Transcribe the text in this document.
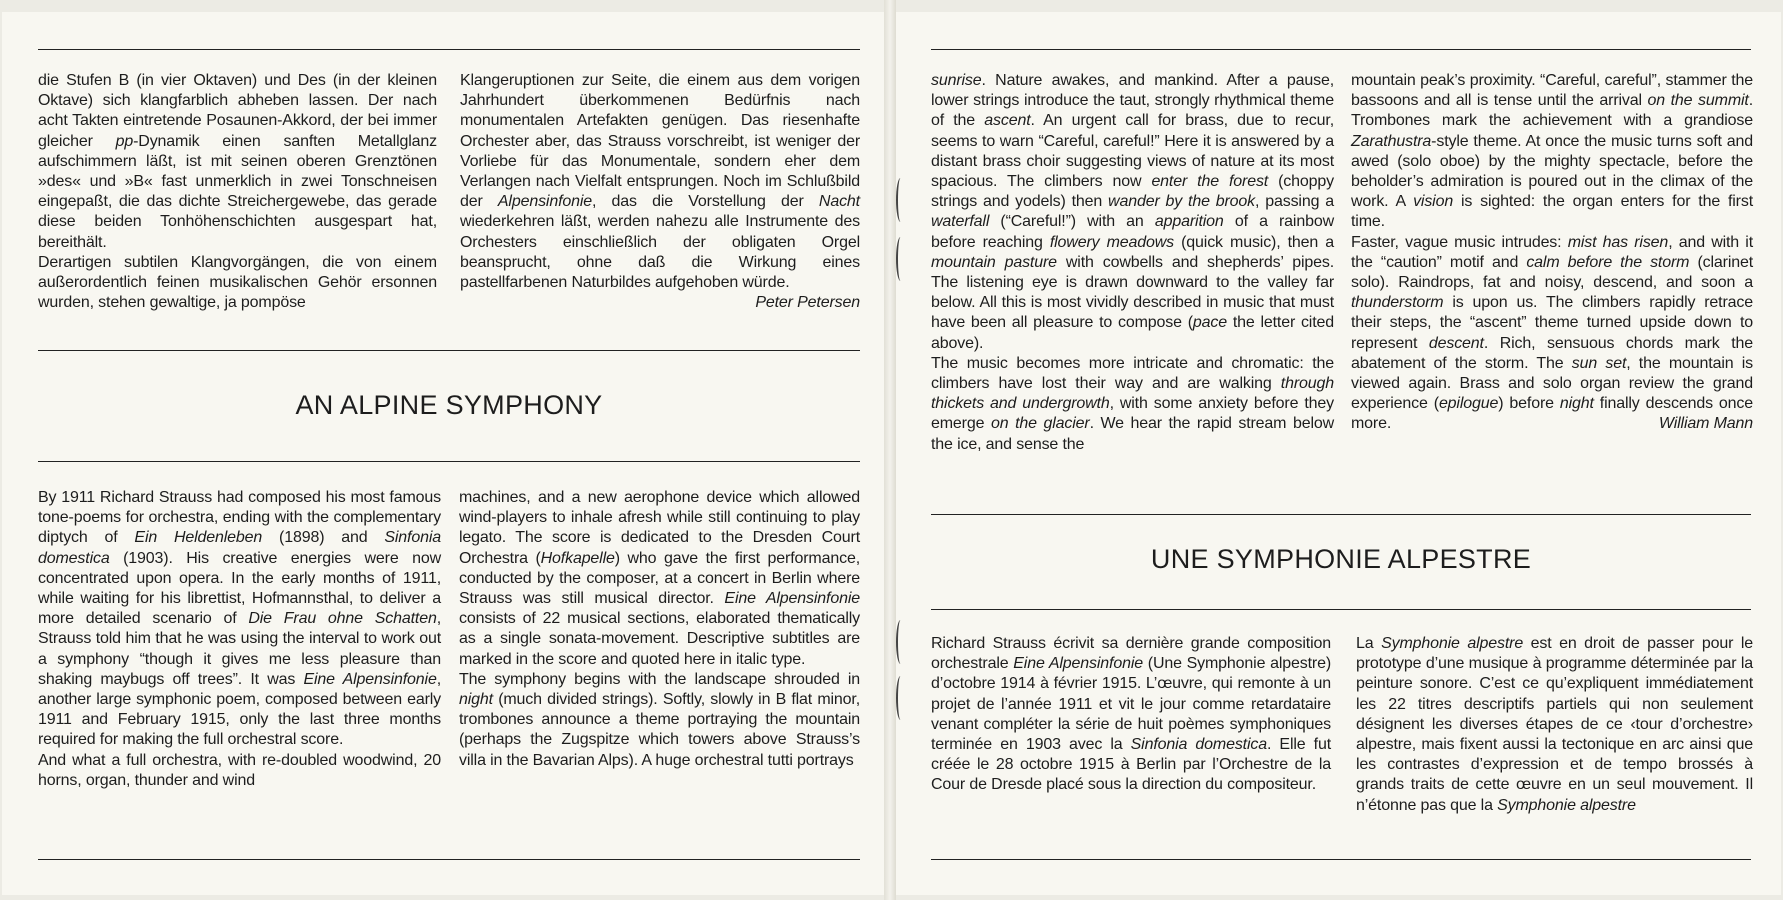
die Stufen B (in vier Oktaven) und Des (in der kleinen Oktave) sich klangfarblich abheben lassen. Der nach acht Takten eintretende Posaunen-Akkord, der bei immer gleicher pp-Dynamik einen sanften Metallglanz aufschimmern läßt, ist mit seinen oberen Grenztönen »des« und »B« fast unmerklich in zwei Tonschneisen eingepaßt, die das dichte Streichergewebe, das gerade diese beiden Tonhöhenschichten ausgespart hat, bereithält.

Derartigen subtilen Klangvorgängen, die von einem außerordentlich feinen musikalischen Gehör ersonnen wurden, stehen gewaltige, ja pompöse

Klangeruptionen zur Seite, die einem aus dem vorigen Jahrhundert überkommenen Bedürfnis nach monumentalen Artefakten genügen. Das riesenhafte Orchester aber, das Strauss vorschreibt, ist weniger der Vorliebe für das Monumentale, sondern eher dem Verlangen nach Vielfalt entsprungen. Noch im Schlußbild der Alpensinfonie, das die Vorstellung der Nacht wiederkehren läßt, werden nahezu alle Instrumente des Orchesters einschließlich der obligaten Orgel beansprucht, ohne daß die Wirkung eines pastellfarbenen Naturbildes aufgehoben würde.
Peter Petersen

AN ALPINE SYMPHONY

By 1911 Richard Strauss had composed his most famous tone-poems for orchestra, ending with the complementary diptych of Ein Heldenleben (1898) and Sinfonia domestica (1903). His creative energies were now concentrated upon opera. In the early months of 1911, while waiting for his librettist, Hofmannsthal, to deliver a more detailed scenario of Die Frau ohne Schatten, Strauss told him that he was using the interval to work out a symphony “though it gives me less pleasure than shaking maybugs off trees”. It was Eine Alpensinfonie, another large symphonic poem, composed between early 1911 and February 1915, only the last three months required for making the full orchestral score.

And what a full orchestra, with re-doubled woodwind, 20 horns, organ, thunder and wind

machines, and a new aerophone device which allowed wind-players to inhale afresh while still continuing to play legato. The score is dedicated to the Dresden Court Orchestra (Hofkapelle) who gave the first performance, conducted by the composer, at a concert in Berlin where Strauss was still musical director. Eine Alpensinfonie consists of 22 musical sections, elaborated thematically as a single sonata-movement. Descriptive subtitles are marked in the score and quoted here in italic type.

The symphony begins with the landscape shrouded in night (much divided strings). Softly, slowly in B flat minor, trombones announce a theme portraying the mountain (perhaps the Zugspitze which towers above Strauss’s villa in the Bavarian Alps). A huge orchestral tutti portrays

sunrise. Nature awakes, and mankind. After a pause, lower strings introduce the taut, strongly rhythmical theme of the ascent. An urgent call for brass, due to recur, seems to warn “Careful, careful!” Here it is answered by a distant brass choir suggesting views of nature at its most spacious. The climbers now enter the forest (choppy strings and yodels) then wander by the brook, passing a waterfall (“Careful!”) with an apparition of a rainbow before reaching flowery meadows (quick music), then a mountain pasture with cowbells and shepherds’ pipes. The listening eye is drawn downward to the valley far below. All this is most vividly described in music that must have been all pleasure to compose (pace the letter cited above).

The music becomes more intricate and chromatic: the climbers have lost their way and are walking through thickets and undergrowth, with some anxiety before they emerge on the glacier. We hear the rapid stream below the ice, and sense the

mountain peak’s proximity. “Careful, careful”, stammer the bassoons and all is tense until the arrival on the summit. Trombones mark the achievement with a grandiose Zarathustra-style theme. At once the music turns soft and awed (solo oboe) by the mighty spectacle, before the beholder’s admiration is poured out in the climax of the work. A vision is sighted: the organ enters for the first time.

Faster, vague music intrudes: mist has risen, and with it the “caution” motif and calm before the storm (clarinet solo). Raindrops, fat and noisy, descend, and soon a thunderstorm is upon us. The climbers rapidly retrace their steps, the “ascent” theme turned upside down to represent descent. Rich, sensuous chords mark the abatement of the storm. The sun set, the mountain is viewed again. Brass and solo organ review the grand experience (epilogue) before night finally descends once more.	William Mann

UNE SYMPHONIE ALPESTRE

Richard Strauss écrivit sa dernière grande composition orchestrale Eine Alpensinfonie (Une Symphonie alpestre) d’octobre 1914 à février 1915. L’œuvre, qui remonte à un projet de l’année 1911 et vit le jour comme retardataire venant compléter la série de huit poèmes symphoniques terminée en 1903 avec la Sinfonia domestica. Elle fut créée le 28 octobre 1915 à Berlin par l’Orchestre de la Cour de Dresde placé sous la direction du compositeur.

La Symphonie alpestre est en droit de passer pour le prototype d’une musique à programme déterminée par la peinture sonore. C’est ce qu’expliquent immédiatement les 22 titres descriptifs partiels qui non seulement désignent les diverses étapes de ce ‹tour d’orchestre› alpestre, mais fixent aussi la tectonique en arc ainsi que les contrastes d’expression et de tempo brossés à grands traits de cette œuvre en un seul mouvement. Il n’étonne pas que la Symphonie alpestre
